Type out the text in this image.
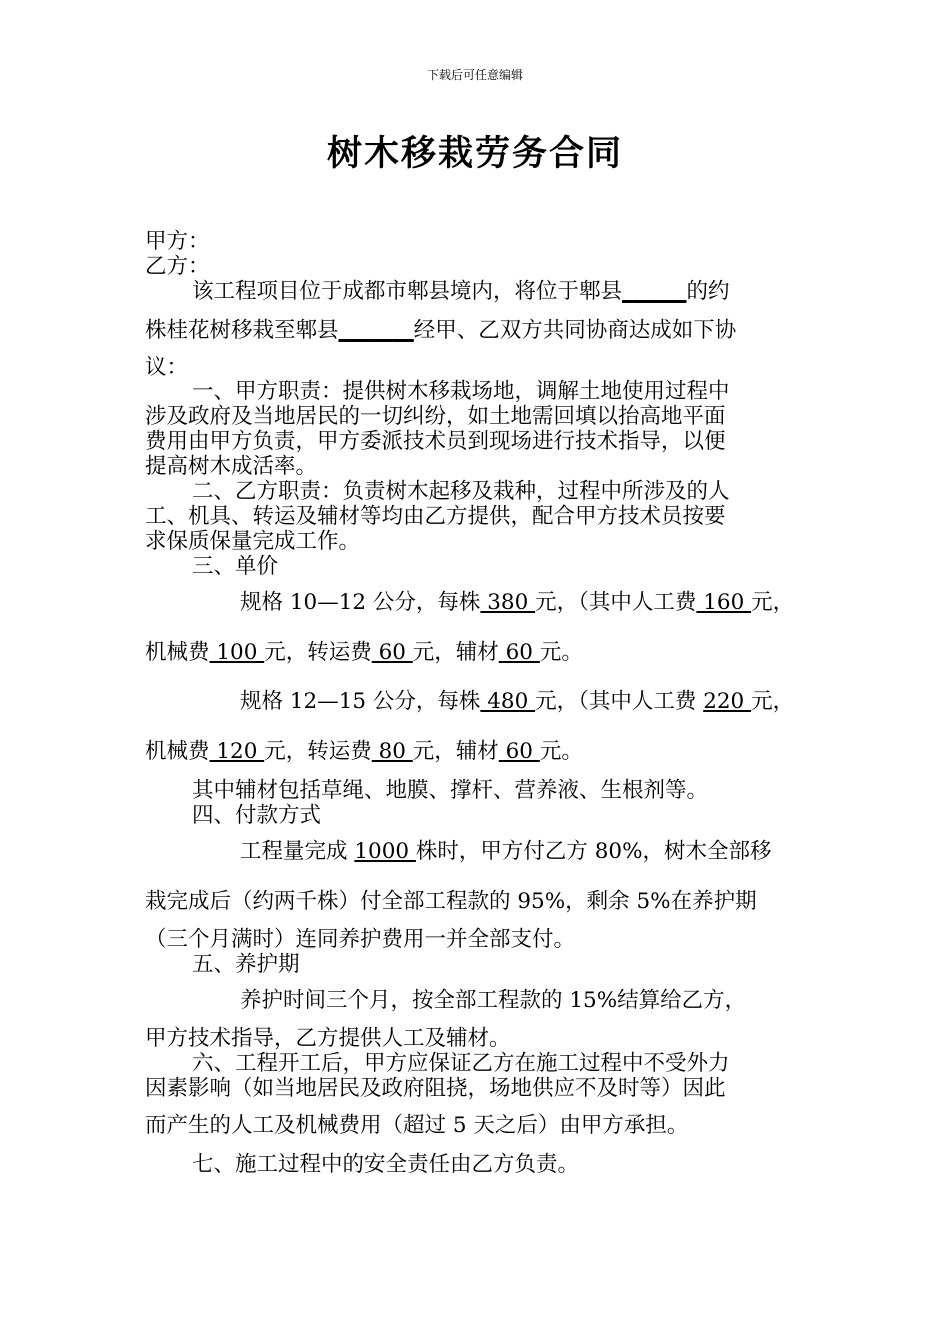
下载后可任意编辑
树木移栽劳务合同
甲方：
乙方：
该工程项目位于成都市郫县境内，将位于郫县______的约
株桂花树移栽至郫县_______经甲、乙双方共同协商达成如下协
议：
一、甲方职责：提供树木移栽场地，调解土地使用过程中
涉及政府及当地居民的一切纠纷，如土地需回填以抬高地平面
费用由甲方负责，甲方委派技术员到现场进行技术指导，以便
提高树木成活率。
二、乙方职责：负责树木起移及栽种，过程中所涉及的人
工、机具、转运及辅材等均由乙方提供，配合甲方技术员按要
求保质保量完成工作。
三、单价
规格 10—12 公分，每株 380 元，（其中人工费 160 元，
机械费 100 元，转运费 60 元，辅材 60 元。
规格 12—15 公分，每株 480 元，（其中人工费 220 元，
机械费 120 元，转运费 80 元，辅材 60 元。
其中辅材包括草绳、地膜、撑杆、营养液、生根剂等。
四、付款方式
工程量完成 1000 株时，甲方付乙方 80%，树木全部移
栽完成后（约两千株）付全部工程款的 95%，剩余 5%在养护期
（三个月满时）连同养护费用一并全部支付。
五、养护期
养护时间三个月，按全部工程款的 15%结算给乙方，
甲方技术指导，乙方提供人工及辅材。
六、工程开工后，甲方应保证乙方在施工过程中不受外力
因素影响（如当地居民及政府阻挠，场地供应不及时等）因此
而产生的人工及机械费用（超过 5 天之后）由甲方承担。
七、施工过程中的安全责任由乙方负责。
